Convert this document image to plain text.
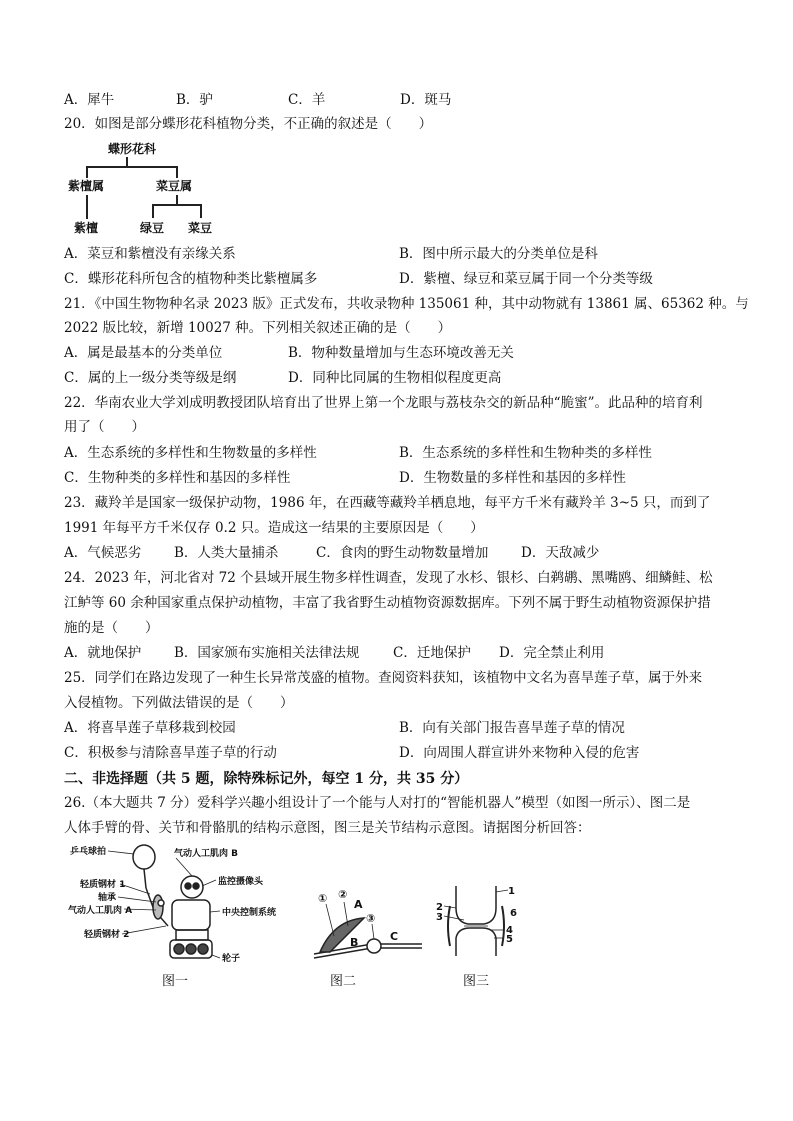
A．犀牛	B．驴	C．羊	D．斑马
20．如图是部分蝶形花科植物分类，不正确的叙述是（　　）
蝶形花科
紫檀属	菜豆属
紫檀	绿豆 菜豆
A．菜豆和紫檀没有亲缘关系	B．图中所示最大的分类单位是科
C．蝶形花科所包含的植物种类比紫檀属多	D．紫檀、绿豆和菜豆属于同一个分类等级
21．《中国生物物种名录 2023 版》正式发布，共收录物种 135061 种，其中动物就有 13861 属、65362 种。与
2022 版比较，新增 10027 种。下列相关叙述正确的是（　　）
A．属是最基本的分类单位	B．物种数量增加与生态环境改善无关
C．属的上一级分类等级是纲	D．同种比同属的生物相似程度更高
22．华南农业大学刘成明教授团队培育出了世界上第一个龙眼与荔枝杂交的新品种“脆蜜”。此品种的培育利
用了（　　）
A．生态系统的多样性和生物数量的多样性	B．生态系统的多样性和生物种类的多样性
C．生物种类的多样性和基因的多样性	D．生物数量的多样性和基因的多样性
23．藏羚羊是国家一级保护动物，1986 年，在西藏等藏羚羊栖息地，每平方千米有藏羚羊 3~5 只，而到了
1991 年每平方千米仅存 0.2 只。造成这一结果的主要原因是（　　）
A．气候恶劣 B．人类大量捕杀	C．食肉的野生动物数量增加 D．天敌减少
24．2023 年，河北省对 72 个县域开展生物多样性调查，发现了水杉、银杉、白鹈鹕、黑嘴鸥、细鳞鲑、松
江鲈等 60 余种国家重点保护动植物，丰富了我省野生动植物资源数据库。下列不属于野生动植物资源保护措
施的是（　　）
A．就地保护 B．国家颁布实施相关法律法规 C．迁地保护 D．完全禁止利用
25．同学们在路边发现了一种生长异常茂盛的植物。查阅资料获知，该植物中文名为喜旱莲子草，属于外来
入侵植物。下列做法错误的是（　　）
A．将喜旱莲子草移栽到校园	B．向有关部门报告喜旱莲子草的情况
C．积极参与清除喜旱莲子草的行动	D．向周围人群宣讲外来物种入侵的危害
二、非选择题（共 5 题，除特殊标记外，每空 1 分，共 35 分）
26.（本大题共 7 分）爱科学兴趣小组设计了一个能与人对打的“智能机器人”模型（如图一所示）、图二是
人体手臂的骨、关节和骨骼肌的结构示意图，图三是关节结构示意图。请据图分析回答：
乒乓球拍	气动人工肌肉 B
监控摄像头
轻质钢材 1
轴承
气动人工肌肉 A	中央控制系统
轻质钢材 2
轮子
图一
① ②
A
B
③
C
图二
1
2
3	6
4
5
图三
